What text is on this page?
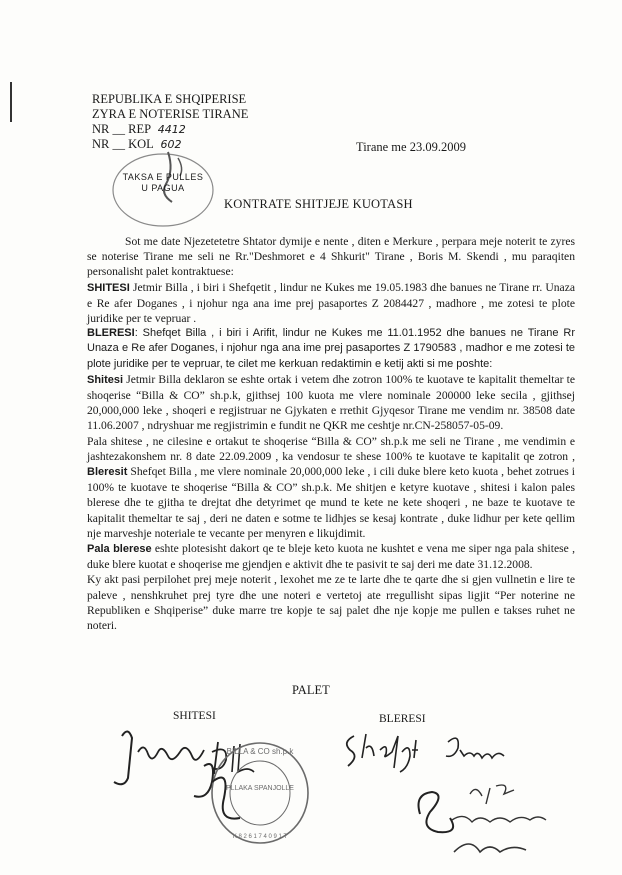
REPUBLIKA E SHQIPERISE
ZYRA E NOTERISE TIRANE
NR __ REP 4412
NR __ KOL 602	Tirane me 23.09.2009
TAKSA E PULLES
U PAGUA
KONTRATE SHITJEJE KUOTASH

Sot me date Njezetetetre Shtator dymije e nente , diten e Merkure , perpara meje noterit te zyres se noterise Tirane me seli ne Rr."Deshmoret e 4 Shkurit" Tirane , Boris M. Skendi , mu paraqiten personalisht palet kontraktuese:

SHITESI Jetmir Billa , i biri i Shefqetit , lindur ne Kukes me 19.05.1983 dhe banues ne Tirane rr. Unaza e Re afer Doganes , i njohur nga ana ime prej pasaportes Z 2084427 , madhore , me zotesi te plote juridike per te vepruar .

BLERESI: Shefqet Billa , i biri i Arifit, lindur ne Kukes me 11.01.1952 dhe banues ne Tirane Rr Unaza e Re afer Doganes, i njohur nga ana ime prej pasaportes Z 1790583 , madhor e me zotesi te plote juridike per te vepruar, te cilet me kerkuan redaktimin e ketij akti si me poshte:

Shitesi Jetmir Billa deklaron se eshte ortak i vetem dhe zotron 100% te kuotave te kapitalit themeltar te shoqerise “Billa & CO” sh.p.k, gjithsej 100 kuota me vlere nominale 200000 leke secila , gjithsej 20,000,000 leke , shoqeri e regjistruar ne Gjykaten e rrethit Gjyqesor Tirane me vendim nr. 38508 date 11.06.2007 , ndryshuar me regjistrimin e fundit ne QKR me ceshtje nr.CN-258057-05-09.

Pala shitese , ne cilesine e ortakut te shoqerise “Billa & CO” sh.p.k me seli ne Tirane , me vendimin e jashtezakonshem nr. 8 date 22.09.2009 , ka vendosur te shese 100% te kuotave te kapitalit qe zotron , Bleresit Shefqet Billa , me vlere nominale 20,000,000 leke , i cili duke blere keto kuota , behet zotrues i 100% te kuotave te shoqerise “Billa & CO” sh.p.k. Me shitjen e ketyre kuotave , shitesi i kalon pales bleresе dhe te gjitha te drejtat dhe detyrimet qe mund te kete ne kete shoqeri , ne baze te kuotave te kapitalit themeltar te saj , deri ne daten e sotme te lidhjes se kesaj kontrate , duke lidhur per kete qellim nje marveshje noteriale te vecante per menyren e likujdimit.

Pala bleresе eshte plotesisht dakort qe te bleje keto kuota ne kushtet e vena me siper nga pala shitese , duke blere kuotat e shoqerise me gjendjen e aktivit dhe te pasivit te saj deri me date 31.12.2008.

Ky akt pasi perpilohet prej meje noterit , lexohet me ze te larte dhe te qarte dhe si gjen vullnetin e lire te paleve , nenshkruhet prej tyre dhe une noteri e vertetoj ate rregullisht sipas ligjit “Per noterine ne Republiken e Shqiperise” duke marre tre kopje te saj palet dhe nje kopje me pullen e takses ruhet ne noteri.

PALET
SHITESI	BLERESI
BILLA & CO sh.p.k
PLLAKA SPANJOLLE
K 8 2 6 1 7 4 0 9 1 T
